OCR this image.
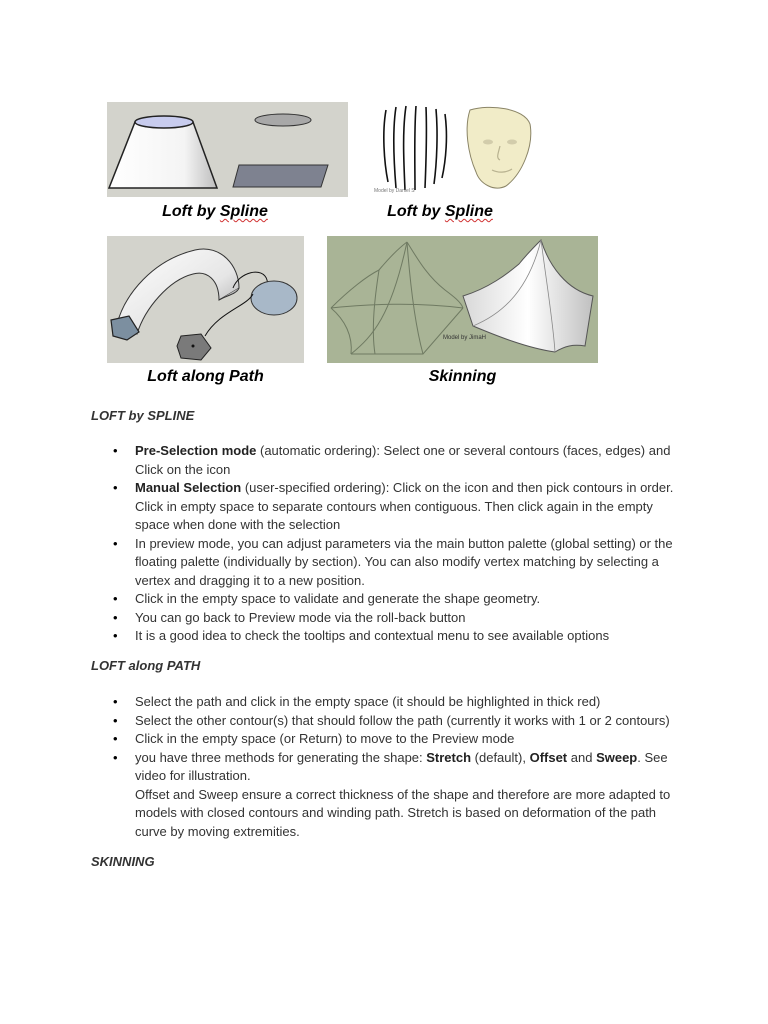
Loft by Spline
Model by Daniel S
Loft by Spline
Loft along Path
Model by JimaH
Skinning
LOFT by SPLINE
• Pre-Selection mode (automatic ordering): Select one or several contours (faces, edges) and Click on the icon
• Manual Selection (user-specified ordering): Click on the icon and then pick contours in order. Click in empty space to separate contours when contiguous. Then click again in the empty space when done with the selection
• In preview mode, you can adjust parameters via the main button palette (global setting) or the floating palette (individually by section). You can also modify vertex matching by selecting a vertex and dragging it to a new position.
• Click in the empty space to validate and generate the shape geometry.
• You can go back to Preview mode via the roll-back button
• It is a good idea to check the tooltips and contextual menu to see available options
LOFT along PATH
• Select the path and click in the empty space (it should be highlighted in thick red)
• Select the other contour(s) that should follow the path (currently it works with 1 or 2 contours)
• Click in the empty space (or Return) to move to the Preview mode
• you have three methods for generating the shape: Stretch (default), Offset and Sweep. See video for illustration.
Offset and Sweep ensure a correct thickness of the shape and therefore are more adapted to models with closed contours and winding path. Stretch is based on deformation of the path curve by moving extremities.
SKINNING
